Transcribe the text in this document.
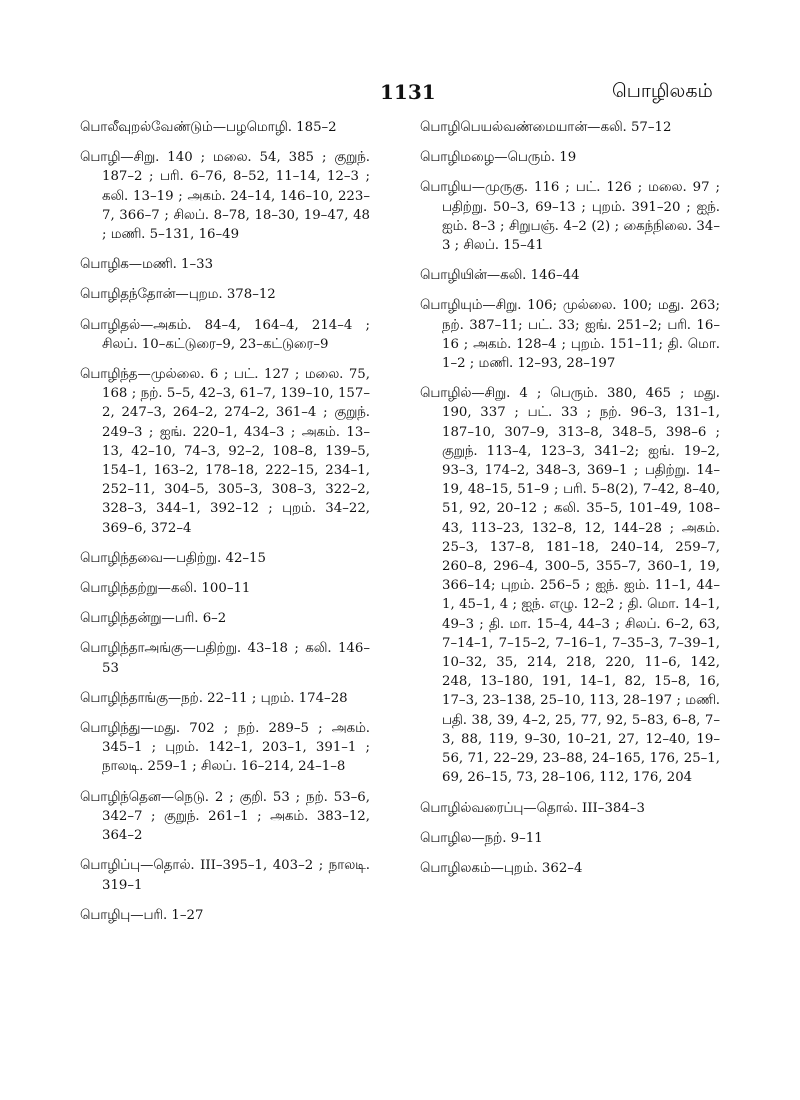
1131	பொழிலகம்

பொலீவுறல்வேண்டும்—பழமொழி. 185–2

பொழி—சிறு. 140 ; மலை. 54, 385 ; குறுந். 187–2 ; பரி. 6–76, 8–52, 11–14, 12–3 ; கலி. 13–19 ; அகம். 24–14, 146–10, 223–7, 366–7 ; சிலப். 8–78, 18–30, 19–47, 48 ; மணி. 5–131, 16–49

பொழிக—மணி. 1–33

பொழிதந்தோன்—புறம. 378–12

பொழிதல்—அகம். 84–4, 164–4, 214–4 ; சிலப். 10–கட்டுரை–9, 23–கட்டுரை–9

பொழிந்த—முல்லை. 6 ; பட். 127 ; மலை. 75, 168 ; நற். 5–5, 42–3, 61–7, 139–10, 157–2, 247–3, 264–2, 274–2, 361–4 ; குறுந். 249–3 ; ஐங். 220–1, 434–3 ; அகம். 13–13, 42–10, 74–3, 92–2, 108–8, 139–5, 154–1, 163–2, 178–18, 222–15, 234–1, 252–11, 304–5, 305–3, 308–3, 322–2, 328–3, 344–1, 392–12 ; புறம். 34–22, 369–6, 372–4

பொழிந்தவை—பதிற்று. 42–15

பொழிந்தற்று—கலி. 100–11

பொழிந்தன்று—பரி. 6–2

பொழிந்தாஅங்கு—பதிற்று. 43–18 ; கலி. 146–53

பொழிந்தாங்கு—நற். 22–11 ; புறம். 174–28

பொழிந்து—மது. 702 ; நற். 289–5 ; அகம். 345–1 ; புறம். 142–1, 203–1, 391–1 ; நாலடி. 259–1 ; சிலப். 16–214, 24–1–8

பொழிந்தென—நெடு. 2 ; குறி. 53 ; நற். 53–6, 342–7 ; குறுந். 261–1 ; அகம். 383–12, 364–2

பொழிப்பு—தொல். III–395–1, 403–2 ; நாலடி. 319–1

பொழிபு—பரி. 1–27

பொழிபெயல்வண்மையான்—கலி. 57–12

பொழிமழை—பெரும். 19

பொழிய—முருகு. 116 ; பட். 126 ; மலை. 97 ; பதிற்று. 50–3, 69–13 ; புறம். 391–20 ; ஐந். ஐம். 8–3 ; சிறுபஞ். 4–2 (2) ; கைந்நிலை. 34–3 ; சிலப். 15–41

பொழியின்—கலி. 146–44

பொழியும்—சிறு. 106; முல்லை. 100; மது. 263; நற். 387–11; பட். 33; ஐங். 251–2; பரி. 16–16 ; அகம். 128–4 ; புறம். 151–11; தி. மொ. 1–2 ; மணி. 12–93, 28–197

பொழில்—சிறு. 4 ; பெரும். 380, 465 ; மது. 190, 337 ; பட். 33 ; நற். 96–3, 131–1, 187–10, 307–9, 313–8, 348–5, 398–6 ; குறுந். 113–4, 123–3, 341–2; ஐங். 19–2, 93–3, 174–2, 348–3, 369–1 ; பதிற்று. 14–19, 48–15, 51–9 ; பரி. 5–8(2), 7–42, 8–40, 51, 92, 20–12 ; கலி. 35–5, 101–49, 108–43, 113–23, 132–8, 12, 144–28 ; அகம். 25–3, 137–8, 181–18, 240–14, 259–7, 260–8, 296–4, 300–5, 355–7, 360–1, 19, 366–14; புறம். 256–5 ; ஐந். ஐம். 11–1, 44–1, 45–1, 4 ; ஐந். எழு. 12–2 ; தி. மொ. 14–1, 49–3 ; தி. மா. 15–4, 44–3 ; சிலப். 6–2, 63, 7–14–1, 7–15–2, 7–16–1, 7–35–3, 7–39–1, 10–32, 35, 214, 218, 220, 11–6, 142, 248, 13–180, 191, 14–1, 82, 15–8, 16, 17–3, 23–138, 25–10, 113, 28–197 ; மணி. பதி. 38, 39, 4–2, 25, 77, 92, 5–83, 6–8, 7–3, 88, 119, 9–30, 10–21, 27, 12–40, 19–56, 71, 22–29, 23–88, 24–165, 176, 25–1, 69, 26–15, 73, 28–106, 112, 176, 204

பொழில்வரைப்பு—தொல். III–384–3

பொழில—நற். 9–11

பொழிலகம்—புறம். 362–4
